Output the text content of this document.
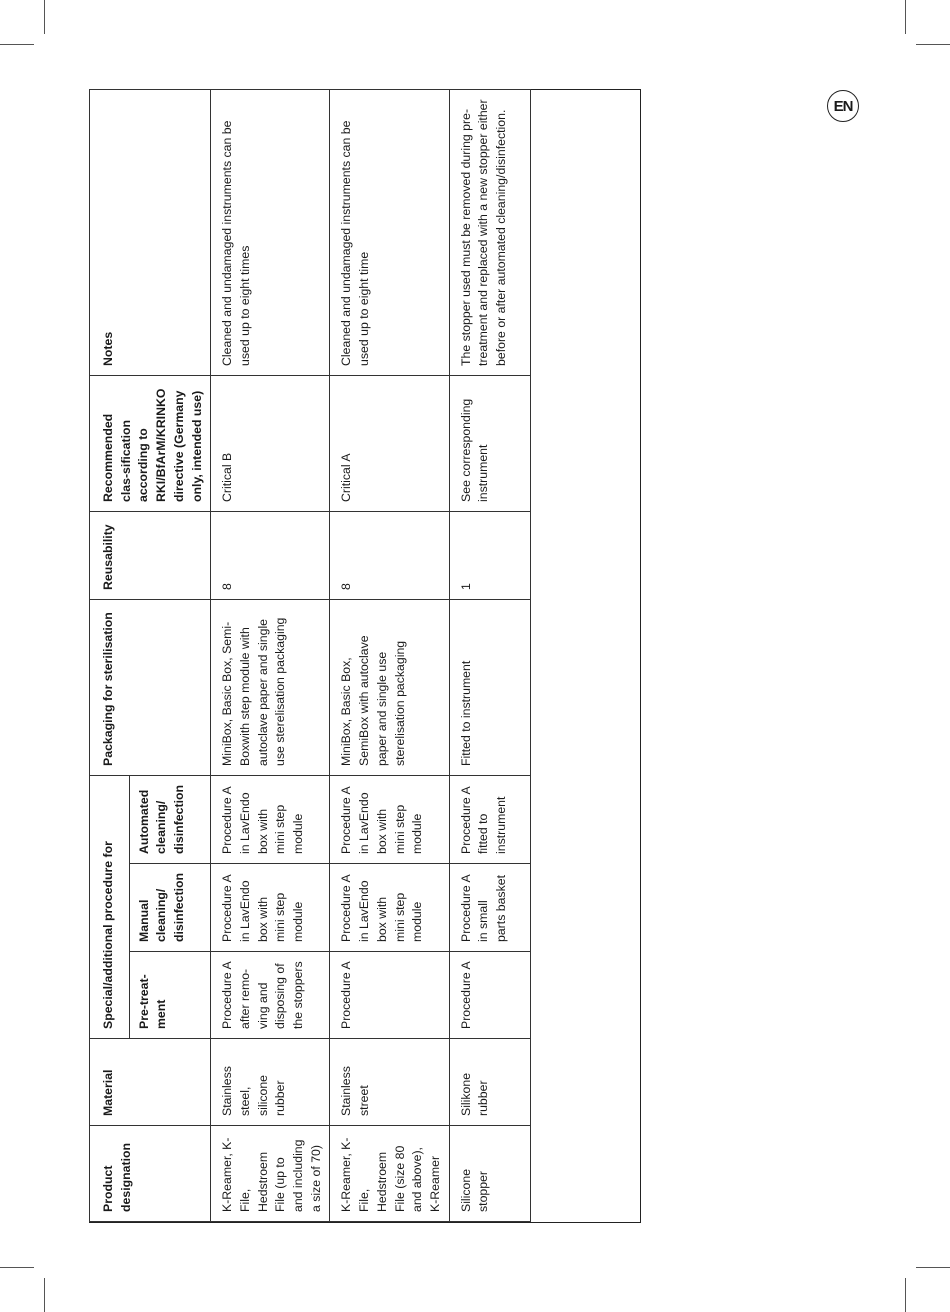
EN
Product designation	Material	Special/additional procedure for			Packaging for sterilisation	Reusability	Recommended clas-sification according to RKI/BfArM/KRINKO directive (Germany only, intended use)	Notes
		Pre-treat-ment	Manual cleaning/ disinfection	Automated cleaning/ disinfection				
K-Reamer, K-File, Hedstroem File (up to and including a size of 70)	Stainless steel, silicone rubber	Procedure A after remo-ving and disposing of the stoppers	Procedure A in LavEndo box with mini step module	Procedure A in LavEndo box with mini step module	MiniBox, Basic Box, Semi-Boxwith step module with autoclave paper and single use sterelisation packaging	8	Critical B	Cleaned and undamaged instruments can be used up to eight times
K-Reamer, K-File, Hedstroem File (size 80 and above), K-Reamer	Stainless street	Procedure A	Procedure A in LavEndo box with mini step module	Procedure A in LavEndo box with mini step module	MiniBox, Basic Box, SemiBox with autoclave paper and single use sterelisation packaging	8	Critical A	Cleaned and undamaged instruments can be used up to eight time
Silicone stopper	Silikone rubber	Procedure A	Procedure A in small parts basket	Procedure A fitted to instrument	Fitted to instrument	1	See corresponding instrument	The stopper used must be removed during pre-treatment and replaced with a new stopper either before or after automated cleaning/disinfection.
